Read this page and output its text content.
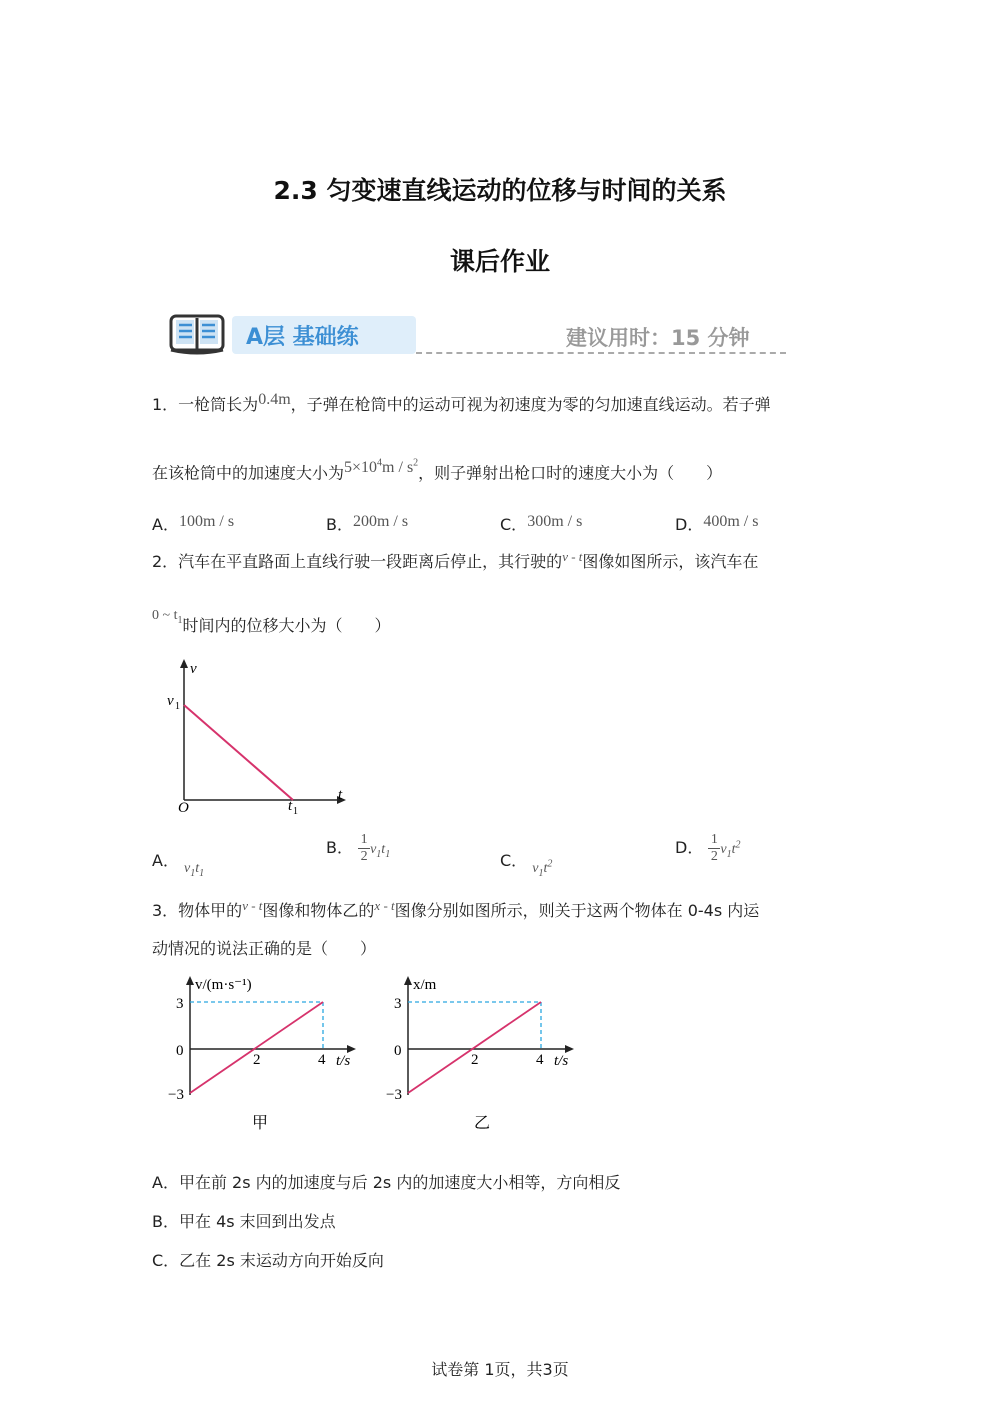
2.3 匀变速直线运动的位移与时间的关系
课后作业
A层 基础练	建议用时：15 分钟
1．一枪筒长为0.4m，子弹在枪筒中的运动可视为初速度为零的匀加速直线运动。若子弹
在该枪筒中的加速度大小为$5\times 10^4m / s^2$，则子弹射出枪口时的速度大小为（　　）
A．100m / s	B．200m / s	C．300m / s	D．400m / s
2．汽车在平直路面上直线行驶一段距离后停止，其行驶的$^{v - t}$图像如图所示，该汽车在
0 ~ $t_1$时间内的位移大小为（　　）
v
t
O
v 1
t 1
A． $v_1t_1$
B． $\frac{1}{2} v_1t_1$	C． $v_1t^2$
D． $\frac{1}{2} v_1t^2$
3．物体甲的$^{v - t}$图像和物体乙的$^{x - t}$图像分别如图所示，则关于这两个物体在 0-4s 内运
动情况的说法正确的是（　　）
v/(m·s⁻¹)
t/s
3
0
−3
2	4
甲
x/m
t/s
3
0
−3
2	4
乙
A．甲在前 2s 内的加速度与后 2s 内的加速度大小相等，方向相反
B．甲在 4s 末回到出发点
C．乙在 2s 末运动方向开始反向
试卷第 1页，共3页
